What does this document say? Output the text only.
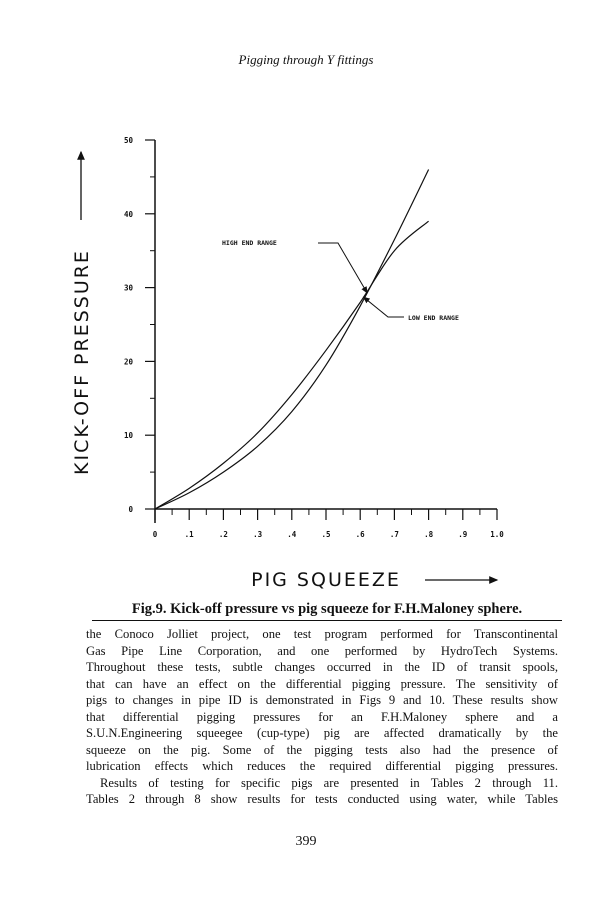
Pigging through Y fittings
0
10
20
30
40
50
0	.1	.2	.3	.4	.5	.6	.7	.8	.9	1.0
HIGH END RANGE
LOW END RANGE
PIG SQUEEZE
KICK-OFF PRESSURE
Fig.9. Kick-off pressure vs pig squeeze for F.H.Maloney sphere.

the Conoco Jolliet project, one test program performed for Transcontinental

Gas Pipe Line Corporation, and one performed by HydroTech Systems.

Throughout these tests, subtle changes occurred in the ID of transit spools,

that can have an effect on the differential pigging pressure. The sensitivity of

pigs to changes in pipe ID is demonstrated in Figs 9 and 10. These results show

that differential pigging pressures for an F.H.Maloney sphere and a

S.U.N.Engineering squeegee (cup-type) pig are affected dramatically by the

squeeze on the pig. Some of the pigging tests also had the presence of

lubrication effects which reduces the required differential pigging pressures.

Results of testing for specific pigs are presented in Tables 2 through 11.

Tables 2 through 8 show results for tests conducted using water, while Tables

399
